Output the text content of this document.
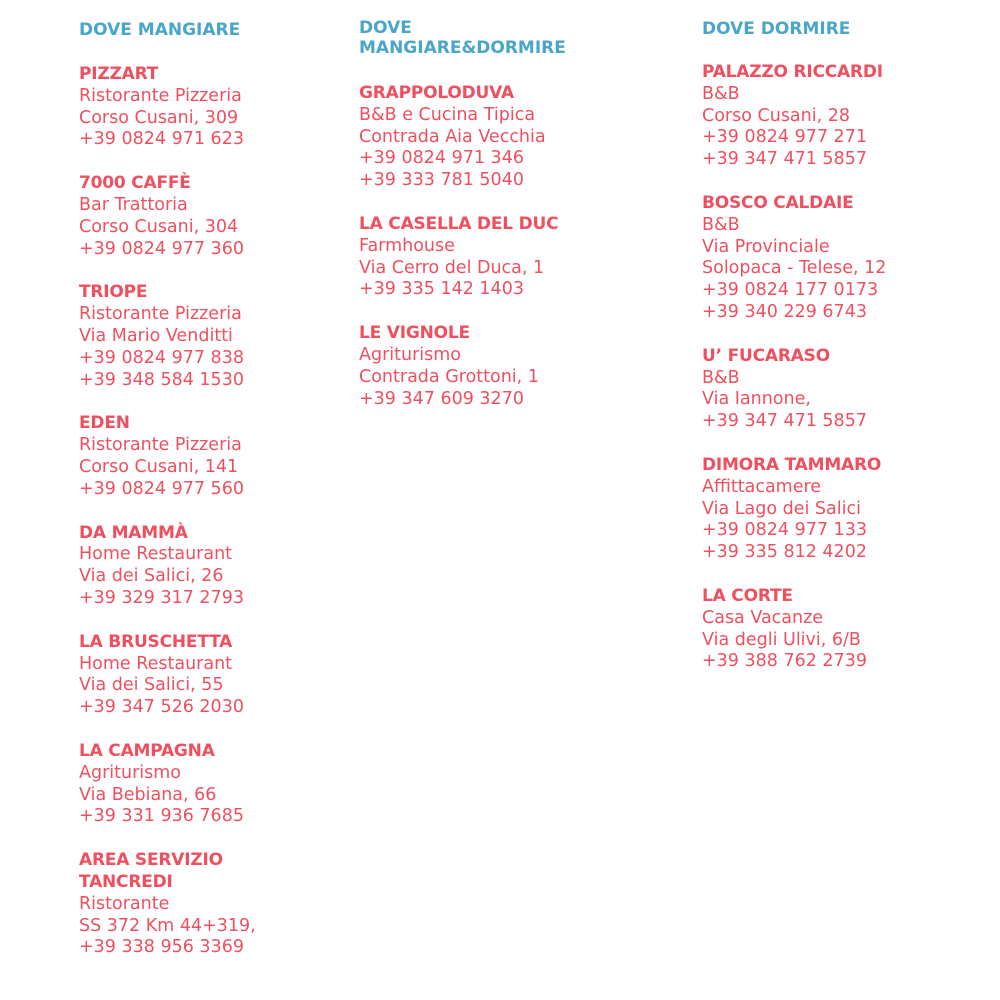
DOVE MANGIARE

PIZZART

Ristorante Pizzeria

Corso Cusani, 309

+39 0824 971 623

7000 CAFFÈ

Bar Trattoria

Corso Cusani, 304

+39 0824 977 360

TRIOPE

Ristorante Pizzeria

Via Mario Venditti

+39 0824 977 838

+39 348 584 1530

EDEN

Ristorante Pizzeria

Corso Cusani, 141

+39 0824 977 560

DA MAMMÀ

Home Restaurant

Via dei Salici, 26

+39 329 317 2793

LA BRUSCHETTA

Home Restaurant

Via dei Salici, 55

+39 347 526 2030

LA CAMPAGNA

Agriturismo

Via Bebiana, 66

+39 331 936 7685

AREA SERVIZIO TANCREDI

Ristorante

SS 372 Km 44+319,

+39 338 956 3369

DOVE MANGIARE&DORMIRE

GRAPPOLODUVA

B&B e Cucina Tipica

Contrada Aia Vecchia

+39 0824 971 346

+39 333 781 5040

LA CASELLA DEL DUC

Farmhouse

Via Cerro del Duca, 1

+39 335 142 1403

LE VIGNOLE

Agriturismo

Contrada Grottoni, 1

+39 347 609 3270

DOVE DORMIRE

PALAZZO RICCARDI

B&B

Corso Cusani, 28

+39 0824 977 271

+39 347 471 5857

BOSCO CALDAIE

B&B

Via Provinciale

Solopaca - Telese, 12

+39 0824 177 0173

+39 340 229 6743

U’ FUCARASO

B&B

Via Iannone,

+39 347 471 5857

DIMORA TAMMARO

Affittacamere

Via Lago dei Salici

+39 0824 977 133

+39 335 812 4202

LA CORTE

Casa Vacanze

Via degli Ulivi, 6/B

+39 388 762 2739
